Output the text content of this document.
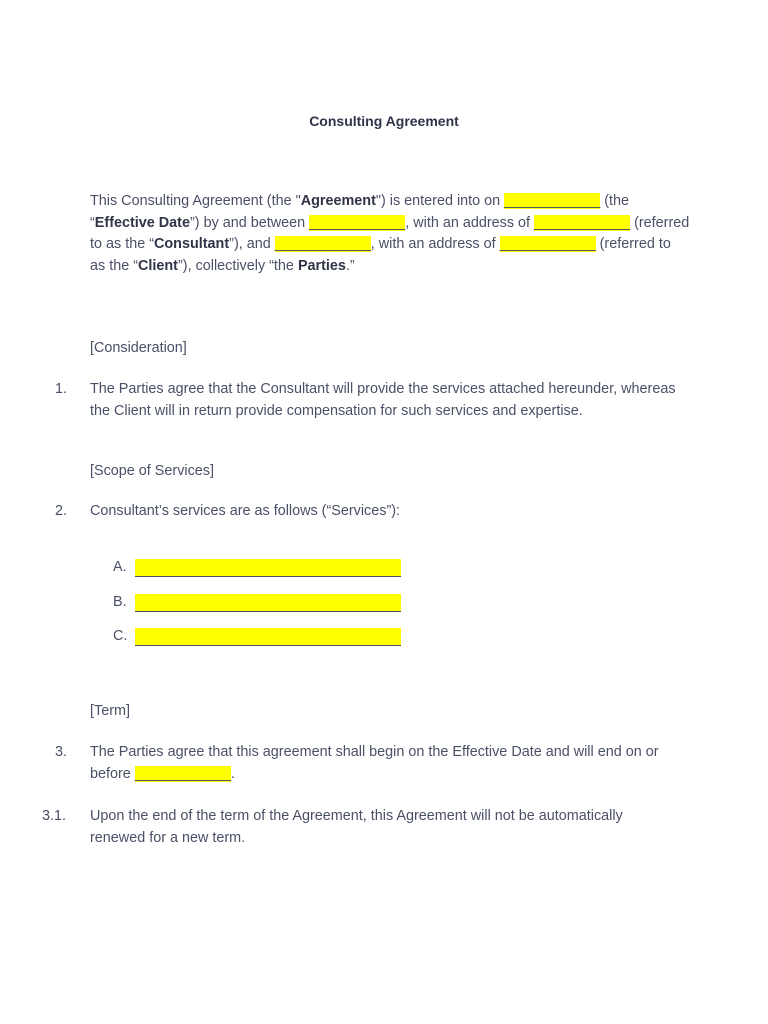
Consulting Agreement
This Consulting Agreement (the "Agreement") is entered into on ____________ (the “Effective Date”) by and between ____________, with an address of ____________ (referred to as the “Consultant”), and ____________, with an address of ____________ (referred to as the “Client”), collectively “the Parties.”
[Consideration]
1. The Parties agree that the Consultant will provide the services attached hereunder, whereas the Client will in return provide compensation for such services and expertise.
[Scope of Services]
2. Consultant’s services are as follows (“Services”):
A.
B.
C.
[Term]
3. The Parties agree that this agreement shall begin on the Effective Date and will end on or before ____________.
3.1. Upon the end of the term of the Agreement, this Agreement will not be automatically renewed for a new term.
